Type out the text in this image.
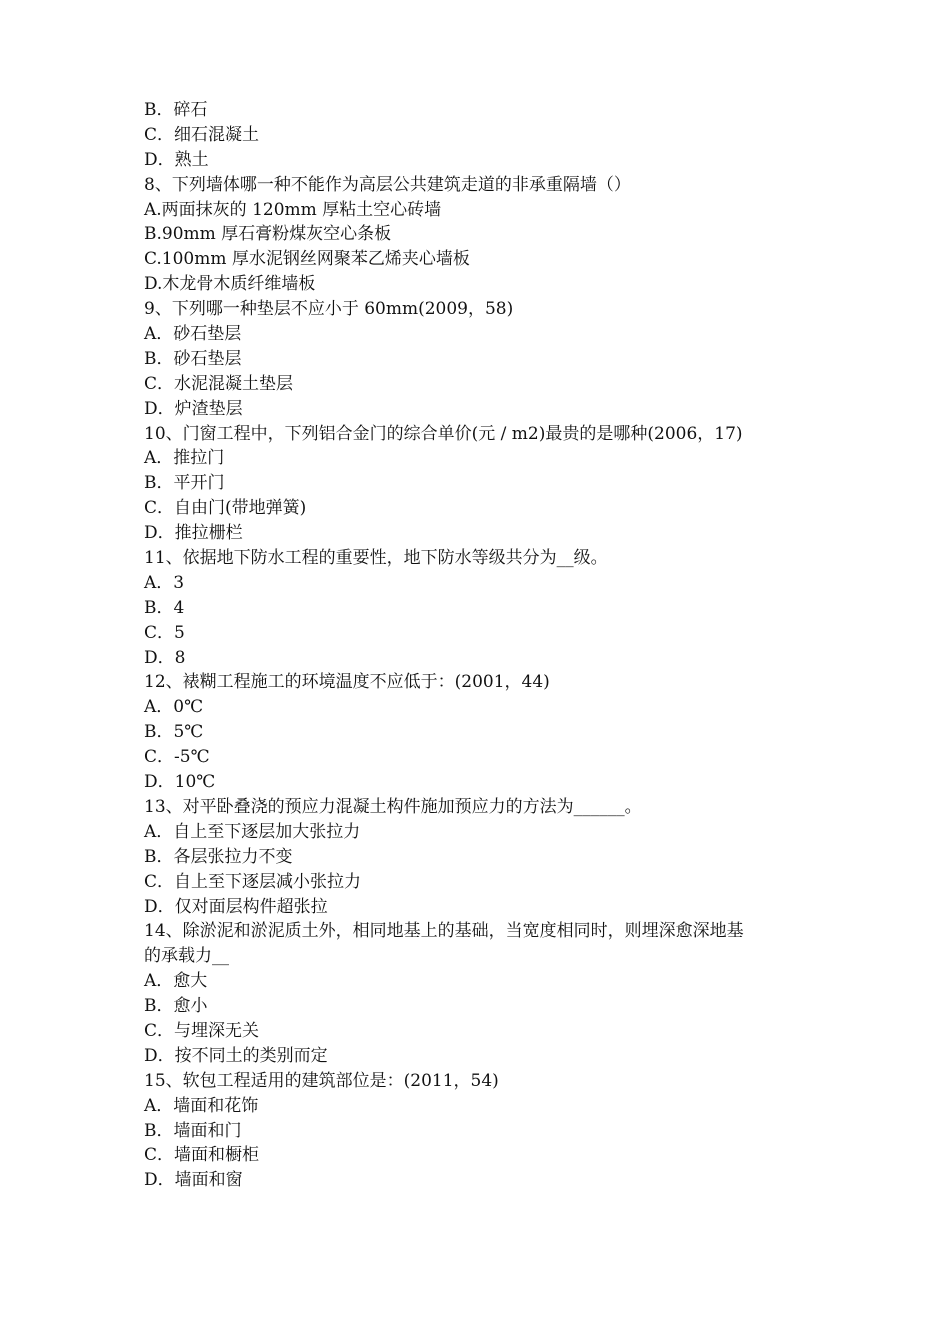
B．碎石

C．细石混凝土

D．熟土

8、下列墙体哪一种不能作为高层公共建筑走道的非承重隔墙（）

A.两面抹灰的 120mm 厚粘土空心砖墙

B.90mm 厚石膏粉煤灰空心条板

C.100mm 厚水泥钢丝网聚苯乙烯夹心墙板

D.木龙骨木质纤维墙板

9、下列哪一种垫层不应小于 60mm(2009，58)

A．砂石垫层

B．砂石垫层

C．水泥混凝土垫层

D．炉渣垫层

10、门窗工程中，下列铝合金门的综合单价(元 / m2)最贵的是哪种(2006，17)

A．推拉门

B．平开门

C．自由门(带地弹簧)

D．推拉栅栏

11、依据地下防水工程的重要性，地下防水等级共分为__级。

A．3

B．4

C．5

D．8

12、裱糊工程施工的环境温度不应低于：(2001，44)

A．0℃

B．5℃

C．-5℃

D．10℃

13、对平卧叠浇的预应力混凝土构件施加预应力的方法为______。

A．自上至下逐层加大张拉力

B．各层张拉力不变

C．自上至下逐层减小张拉力

D．仅对面层构件超张拉

14、除淤泥和淤泥质土外，相同地基上的基础，当宽度相同时，则埋深愈深地基

的承载力__

A．愈大

B．愈小

C．与埋深无关

D．按不同土的类别而定

15、软包工程适用的建筑部位是：(2011，54)

A．墙面和花饰

B．墙面和门

C．墙面和橱柜

D．墙面和窗
